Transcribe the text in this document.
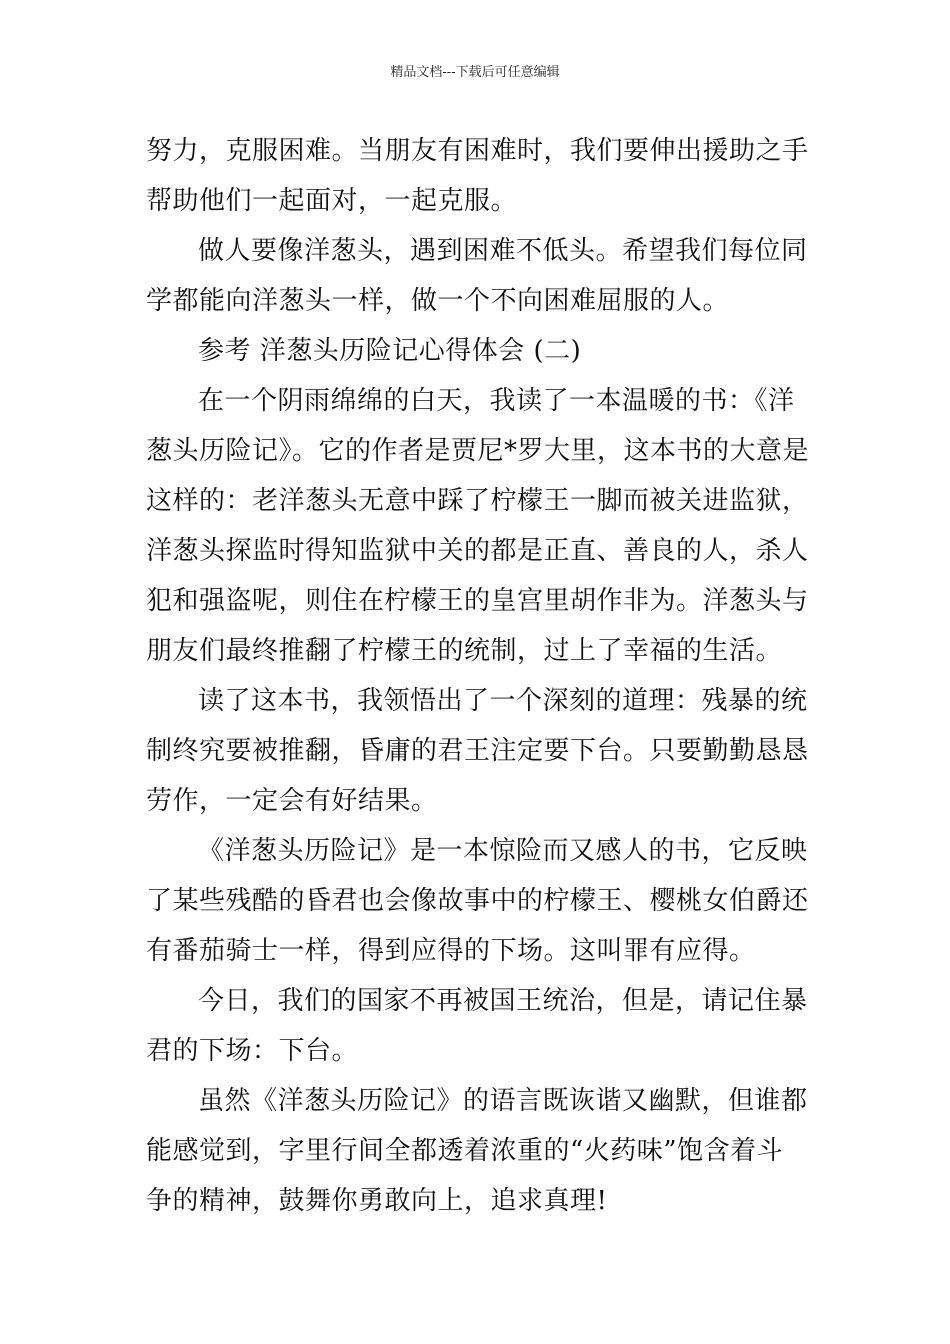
精品文档---下载后可任意编辑
努力，克服困难。当朋友有困难时，我们要伸出援助之手
帮助他们一起面对，一起克服。
做人要像洋葱头，遇到困难不低头。希望我们每位同
学都能向洋葱头一样，做一个不向困难屈服的人。
参考 洋葱头历险记心得体会 (二)
在一个阴雨绵绵的白天，我读了一本温暖的书：《洋
葱头历险记》。它的作者是贾尼*罗大里，这本书的大意是
这样的：老洋葱头无意中踩了柠檬王一脚而被关进监狱，
洋葱头探监时得知监狱中关的都是正直、善良的人，杀人
犯和强盗呢，则住在柠檬王的皇宫里胡作非为。洋葱头与
朋友们最终推翻了柠檬王的统制，过上了幸福的生活。
读了这本书，我领悟出了一个深刻的道理：残暴的统
制终究要被推翻，昏庸的君王注定要下台。只要勤勤恳恳
劳作，一定会有好结果。
《洋葱头历险记》是一本惊险而又感人的书，它反映
了某些残酷的昏君也会像故事中的柠檬王、樱桃女伯爵还
有番茄骑士一样，得到应得的下场。这叫罪有应得。
今日，我们的国家不再被国王统治，但是，请记住暴
君的下场：下台。
虽然《洋葱头历险记》的语言既诙谐又幽默，但谁都
能感觉到，字里行间全都透着浓重的“火药味”饱含着斗
争的精神，鼓舞你勇敢向上，追求真理!
